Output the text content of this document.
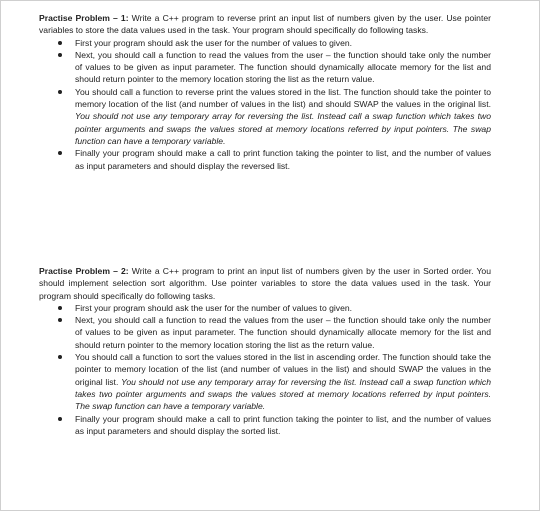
Practise Problem – 1: Write a C++ program to reverse print an input list of numbers given by the user. Use pointer variables to store the data values used in the task. Your program should specifically do following tasks.

First your program should ask the user for the number of values to given.
Next, you should call a function to read the values from the user – the function should take only the number of values to be given as input parameter. The function should dynamically allocate memory for the list and should return pointer to the memory location storing the list as the return value.
You should call a function to reverse print the values stored in the list. The function should take the pointer to memory location of the list (and number of values in the list) and should SWAP the values in the original list. You should not use any temporary array for reversing the list. Instead call a swap function which takes two pointer arguments and swaps the values stored at memory locations referred by input pointers. The swap function can have a temporary variable.
Finally your program should make a call to print function taking the pointer to list, and the number of values as input parameters and should display the reversed list.

Practise Problem – 2: Write a C++ program to print an input list of numbers given by the user in Sorted order. You should implement selection sort algorithm. Use pointer variables to store the data values used in the task. Your program should specifically do following tasks.

First your program should ask the user for the number of values to given.
Next, you should call a function to read the values from the user – the function should take only the number of values to be given as input parameter. The function should dynamically allocate memory for the list and should return pointer to the memory location storing the list as the return value.
You should call a function to sort the values stored in the list in ascending order. The function should take the pointer to memory location of the list (and number of values in the list) and should SWAP the values in the original list. You should not use any temporary array for reversing the list. Instead call a swap function which takes two pointer arguments and swaps the values stored at memory locations referred by input pointers. The swap function can have a temporary variable.
Finally your program should make a call to print function taking the pointer to list, and the number of values as input parameters and should display the sorted list.
